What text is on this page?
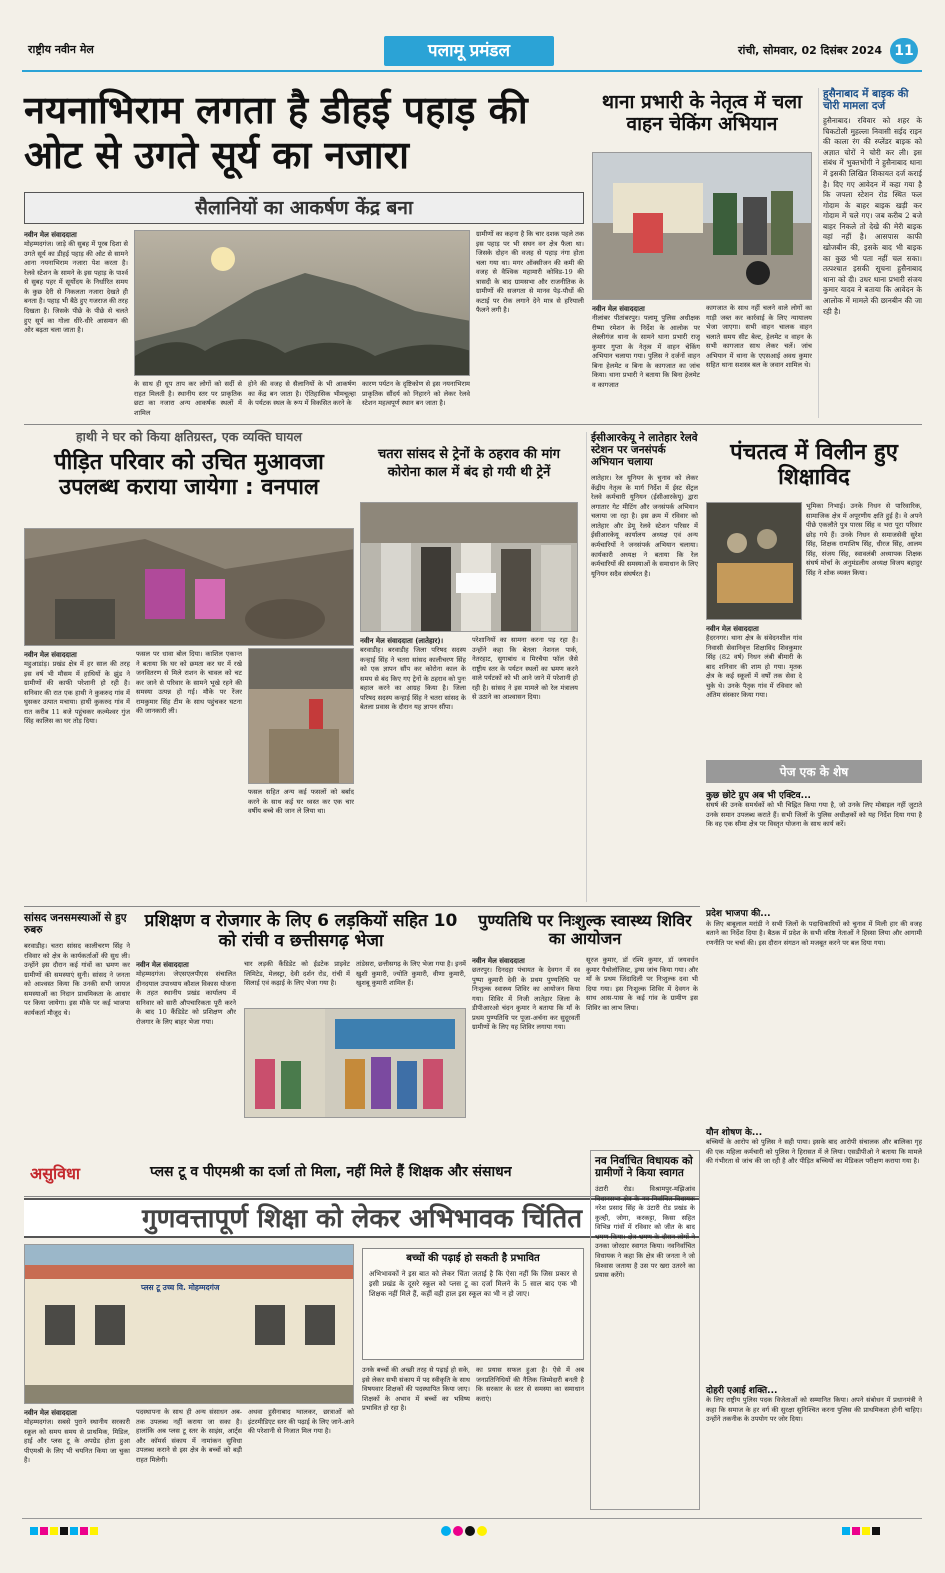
राष्ट्रीय नवीन मेल	पलामू प्रमंडल	रांची, सोमवार, 02 दिसंबर 2024 11
नयनाभिराम लगता है डीहई पहाड़ की ओट से उगते सूर्य का नजारा
सैलानियों का आकर्षण केंद्र बना
नवीन मेल संवाददाता
मोहम्मदगंज। जाड़े की सुबह में पूरब दिशा से उगते सूर्य का डीहई पहाड़ की ओट से सामने आना नयनाभिराम नजारा पेश करता है। रेलवे स्टेशन के सामने के इस पहाड़ के पार्श्व से सुबह पहर में सूर्योदय के निर्धारित समय के कुछ देरी से निकलता नजारा देखते ही बनता है। पहाड़ भी बैठे हुए गजराज की तरह दिखता है। जिसके पीछे के पीछे से चलते हुए सूर्य का गोला धीरे-धीरे आसमान की ओर बढ़ता चला जाता है।
के साथ ही धूप ताप कर लोगों को सर्दी से राहत मिलती है। स्थानीय स्तर पर प्राकृतिक छटा का नजारा अन्य आकर्षक स्थलों में शामिल
होने की वजह से सैलानियों के भी आकर्षण का केंद्र बन जाता है। ऐतिहासिक भीमचूल्हा के पर्यटक स्थल के रूप में विकसित करने के
कारण पर्यटन के दृष्टिकोण से इस नयनाभिराम प्राकृतिक सौंदर्य को निहारने को लेकर रेलवे स्टेशन महत्वपूर्ण स्थान बन जाता है।
ग्रामीणों का कहना है कि चार दशक पहले तक इस पहाड़ पर भी सघन वन क्षेत्र फैला था। जिसके दोहन की वजह से पहाड़ नंगा होता चला गया था। मगर ऑक्सीजन की कमी की वजह से वैश्विक महामारी कोविड-19 की त्रासदी के बाद ग्रामसभा और राजनीतिक के ग्रामीणों की सजगता से मानव पेड़-पौधों की कटाई पर रोक लगाने देने मात्र से हरियाली फैलने लगी है।
थाना प्रभारी के नेतृत्व में चला वाहन चेकिंग अभियान
नवीन मेल संवाददाता
नीलांबर पीतांबरपुर। पलामू पुलिस अधीक्षक रीष्मा रमेशन के निर्देश के आलोक पर लेस्लीगंज थाना के सामने थाना प्रभारी राजू कुमार गुप्ता के नेतृत्व में वाहन चेकिंग अभियान चलाया गया। पुलिस ने दर्जनों वाहन बिना हेलमेट व बिना के कागजात का जांच किया। थाना प्रभारी ने बताया कि बिना हेलमेट व कागजात
कागजात के साथ नहीं चलने वाले लोगों का गाड़ी जब्त कर कार्रवाई के लिए न्यायालय भेजा जाएगा। सभी वाहन चालक वाहन चलाते समय सीट बेल्ट, हेलमेट व वाहन के सभी कागजात साथ लेकर चलें। जांच अभियान में थाना के एएसआई अवध कुमार सहित थाना सशस्त्र बल के जवान शामिल थे।
हुसैनाबाद में बाइक की चोरी मामला दर्ज
हुसैनाबाद। रविवार को शहर के चिकटोली मुहल्ला निवासी सईद राइन की काला रंग की स्प्लेंडर बाइक को अज्ञात चोरों ने चोरी कर ली। इस संबंध में भुक्तभोगी ने हुसैनाबाद थाना में इसकी लिखित शिकायत दर्ज कराई है। दिए गए आवेदन में कहा गया है कि जपला स्टेशन रोड स्थित फल गोदाम के बाहर बाइक खड़ी कर गोदाम में चले गए। जब करीब 2 बजे बाहर निकले तो देखे की मेरी बाइक वहां नहीं है। आसपास काफी खोजबीन की, इसके बाद भी बाइक का कुछ भी पता नहीं चल सका। तत्पश्चात इसकी सूचना हुसैनाबाद थाना को दी। उधर थाना प्रभारी संजय कुमार यादव ने बताया कि आवेदन के आलोक में मामले की छानबीन की जा रही है।
हाथी ने घर को किया क्षतिग्रस्त, एक व्यक्ति घायल
पीड़ित परिवार को उचित मुआवजा उपलब्ध कराया जायेगा : वनपाल
नवीन मेल संवाददाता
महुआडांड़। प्रखंड क्षेत्र में हर साल की तरह इस वर्ष भी मौसम में हाथियों के झुंड ने ग्रामीणों की काफी परेशानी हो रही है। सनिवार की रात एक हाथी ने कुकरुद गांव में घुसकर उत्पात मचाया। हाथी कुकरुद गांव में रात करीब 11 बजे पहुंचकर कल्मेश्वर गुंज सिंह कालिस का घर तोड़ दिया।
फसल पर धावा बोल दिया। काशिल एकान्त ने बताया कि घर को छमता कर घर में रखे जनवितरण से मिले राशन के चावल को चट कर जाने से परिवार के सामने भूखे रहने की समस्या उत्पन्न हो गई। मौके पर रेंजर रामकुमार सिंह टीम के साथ पहुंचकर घटना की जानकारी ली।
फसल सहित अन्य कई फसलों को बर्बाद करने के साथ कई घर ध्वस्त कर एक चार वर्षीय बच्चे की जान ले लिया था।
चतरा सांसद से ट्रेनों के ठहराव की मांग कोरोना काल में बंद हो गयी थी ट्रेनें
नवीन मेल संवाददाता (लातेहार)।
बरवाडीह। बरवाडीह जिला परिषद सदस्य कन्हाई सिंह ने चतरा सांसद कालीचरण सिंह को एक ज्ञापन सौंप कर कोरोना काल के समय से बंद किए गए ट्रेनों के ठहराव को पुनः बहाल करने का आग्रह किया है। जिला परिषद सदस्य कन्हाई सिंह ने चतरा सांसद के बेतला प्रवास के दौरान यह ज्ञापन सौंपा।
परेशानियों का सामना करना पड़ रहा है। उन्होंने कहा कि बेतला नेशनल पार्क, नेतरहाट, सुगाबांध व मिरचैया फॉल जैसे राष्ट्रीय स्तर के पर्यटन स्थलों का भ्रमण करने वाले पर्यटकों को भी आने जाने में परेशानी हो रही है। सांसद ने इस मामले को रेल मंत्रालय से उठाने का आश्वासन दिया।
ईसीआरकेयू ने लातेहार रेलवे स्टेशन पर जनसंपर्क अभियान चलाया
लातेहार। रेल यूनियन के चुनाव को लेकर केंद्रीय नेतृत्व के मार्ग निर्देश में ईस्ट सेंट्रल रेलवे कर्मचारी यूनियन (ईसीआरकेयू) द्वारा लगातार गेट मीटिंग और जनसंपर्क अभियान चलाया जा रहा है। इस क्रम में रविवार को लातेहार और डेमू रेलवे स्टेशन परिसर में ईसीआरकेयू कार्यालय अध्यक्ष एवं अन्य कर्मचारियों ने जनसंपर्क अभियान चलाया। कार्यकारी अध्यक्ष ने बताया कि रेल कर्मचारियों की समस्याओं के समाधान के लिए यूनियन सदैव संघर्षरत है।
पंचतत्व में विलीन हुए शिक्षाविद
भूमिका निभाई। उनके निधन से पारिवारिक, सामाजिक क्षेत्र में अपूरणीय क्षति हुई है। वे अपने पीछे एकलौते पुत्र पारस सिंह व भरा पूरा परिवार छोड़ गये हैं। उनके निधन से समाजसेवी सुरेश सिंह, शिक्षक रामाशिष सिंह, धीरज सिंह, आलम सिंह, संजय सिंह, स्वावलंबी अध्यापक शिक्षक संघर्ष मोर्चा के अनुमंडलीय अध्यक्ष विजय बहादुर सिंह ने शोक व्यक्त किया।
नवीन मेल संवाददाता
हैदरनगर। थाना क्षेत्र के संवेदनशील गांव निवासी सेवानिवृत्त शिक्षाविद शिवकुमार सिंह (82 वर्ष) निधन लंबी बीमारी के बाद शनिवार की शाम हो गया। मृतक क्षेत्र के कई स्कूलों में वर्षों तक सेवा दे चुके थे। उनके पैतृक गांव में रविवार को अंतिम संस्कार किया गया।
पेज एक के शेष
कुछ छोटे ग्रुप अब भी एक्टिव...
संघर्ष की उनके समर्थकों को भी चिह्नित किया गया है, जो उनके लिए मोबाइल नहीं जुटाते उनके समान उपलब्ध कराते हैं। सभी जिलों के पुलिस अधीक्षकों को यह निर्देश दिया गया है कि वह एक सीमा क्षेत्र पर विस्तृत योजना के साथ कार्य करें।
प्रदेश भाजपा की...
के लिए बाबूलाल मरांडी ने सभी जिलों के पदाधिकारियों को चुनाव में मिली हार की वजह बताने का निर्देश दिया है। बैठक में प्रदेश के सभी वरिष्ठ नेताओं ने हिस्सा लिया और आगामी रणनीति पर चर्चा की। इस दौरान संगठन को मजबूत करने पर बल दिया गया।
यौन शोषण के...
बच्चियों के आरोप को पुलिस ने सही पाया। इसके बाद आरोपी संचालक और बालिका गृह की एक महिला कर्मचारी को पुलिस ने हिरासत में ले लिया। एसडीपीओ ने बताया कि मामले की गंभीरता से जांच की जा रही है और पीड़ित बच्चियों का मेडिकल परीक्षण कराया गया है।
दोहरी एआई शक्ति...
के लिए राष्ट्रीय पुलिस पदक विजेताओं को सम्मानित किया। अपने संबोधन में प्रधानमंत्री ने कहा कि समाज के हर वर्ग की सुरक्षा सुनिश्चित करना पुलिस की प्राथमिकता होनी चाहिए। उन्होंने तकनीक के उपयोग पर जोर दिया।
सांसद जनसमस्याओं से हुए रुबरु
बरवाडीह। चतरा सांसद कालीचरण सिंह ने रविवार को क्षेत्र के कार्यकर्ताओं की सुध ली। उन्होंने इस दौरान कई गांवों का भ्रमण कर ग्रामीणों की समस्याएं सुनी। सांसद ने जनता को आश्वस्त किया कि उनकी सभी जायज समस्याओं का निदान प्राथमिकता के आधार पर किया जायेगा। इस मौके पर कई भाजपा कार्यकर्ता मौजूद थे।
प्रशिक्षण व रोजगार के लिए 6 लड़कियों सहित 10 को रांची व छत्तीसगढ़ भेजा
नवीन मेल संवाददाता
मोहम्मदगंज। जेएसएलपीएस संचालित दीनदयाल उपाध्याय कौशल विकास योजना के तहत स्थानीय प्रखंड कार्यालय में सनिवार को सारी औपचारिकता पूरी करने के बाद 10 कैंडिडेट को प्रशिक्षण और रोजगार के लिए बाहर भेजा गया।
चार लड़की कैंडिडेट को ईडटेक प्राइवेट लिमिटेड, मेलस्ट्रा, देवी दर्शन रोड, रांची में सिलाई एवं कढ़ाई के लिए भेजा गया है।
तांडेसरा, छत्तीसगढ़ के लिए भेजा गया है। इनमें खुशी कुमारी, ज्योति कुमारी, वीणा कुमारी, खुशबू कुमारी शामिल हैं।
पुण्यतिथि पर निःशुल्क स्वास्थ्य शिविर का आयोजन
नवीन मेल संवाददाता
छतरपुर। दिनदहा पंचायत के देवगन में स्व पुष्पा कुमारी देवी के प्रथम पुण्यतिथि पर निःशुल्क स्वास्थ्य शिविर का आयोजन किया गया। शिविर में निजी लातेहार जिला के डीपीआरओ चंदन कुमार ने बताया कि माँ के प्रथम पुण्यतिथि पर पूजा-अर्चना कर सुदूरवर्ती ग्रामीणों के लिए यह शिविर लगाया गया।
सूरज कुमार, डॉ रश्मि कुमार, डॉ जयवर्धन कुमार पैथोलॉजिस्ट, ड्रग्स जांच किया गया। और माँ के प्रथम जिंदादिली पर निःशुल्क दवा भी दिया गया। इस निःशुल्क शिविर में देवगन के साथ आस-पास के कई गांव के ग्रामीण इस शिविर का लाभ लिया।
असुविधा	प्लस टू व पीएमश्री का दर्जा तो मिला, नहीं मिले हैं शिक्षक और संसाधन
गुणवत्तापूर्ण शिक्षा को लेकर अभिभावक चिंतित
प्लस टू उच्च वि. मोहम्मदगंज
नवीन मेल संवाददाता
मोहम्मदगंज। सबसे पुराने स्थानीय सरकारी स्कूल को समय समय से प्राथमिक, मिडिल, हाई और प्लस टू के अपग्रेड होता हुआ पीएमश्री के लिए भी चयनित किया जा चुका है।
पदस्थापना के साथ ही अन्य संसाधन अब-तक उपलब्ध नहीं कराया जा सका है। हालांकि अब प्लस टू स्तर के साइंस, आर्ट्स और कॉमर्स संकाय में नामांकन सुविधा उपलब्ध कराने से इस क्षेत्र के बच्चों को बड़ी राहत मिलेगी।
अथवा हुसैनाबाद ग्वालकर, छात्राओं को इंटरमीडिएट स्तर की पढ़ाई के लिए जाने-आने की परेशानी से निजात मिल गया है।
बच्चों की पढ़ाई हो सकती है प्रभावित
अभिभावकों ने इस बात को लेकर चिंता जताई है कि ऐसा नहीं कि जिस प्रकार से इसी प्रखंड के दूसरे स्कूल को प्लस टू का दर्जा मिलने के 5 साल बाद एक भी शिक्षक नहीं मिले हैं, कहीं वही हाल इस स्कूल का भी न हो जाए।
उनके बच्चों की अच्छी तरह से पढ़ाई हो सके, इसे लेकर सभी संकाय में पद स्वीकृति के साथ विषयवार शिक्षकों की पदस्थापित किया जाए। शिक्षकों के अभाव में बच्चों का भविष्य प्रभावित हो रहा है।
का प्रयास सफल हुआ है। ऐसे में अब जनप्रतिनिधियों की नैतिक जिम्मेदारी बनती है कि सरकार के स्तर से समस्या का समाधान कराएं।
नव निर्वाचित विधायक को ग्रामीणों ने किया स्वागत
उंटारी रोड। विश्रामपुर-मझिआंव विधानसभा क्षेत्र के नव निर्वाचित विधायक नरेश प्रसाद सिंह के उंटारी रोड प्रखंड के कुल्ही, जोगा, करकट्टा, किसा सहित विभिन्न गांवों में रविवार को जीत के बाद भ्रमण किया। क्षेत्र भ्रमण के दौरान लोगों ने उनका जोरदार स्वागत किया। नवनिर्वाचित विधायक ने कहा कि क्षेत्र की जनता ने जो विश्वास जताया है उस पर खरा उतरने का प्रयास करेंगे।
